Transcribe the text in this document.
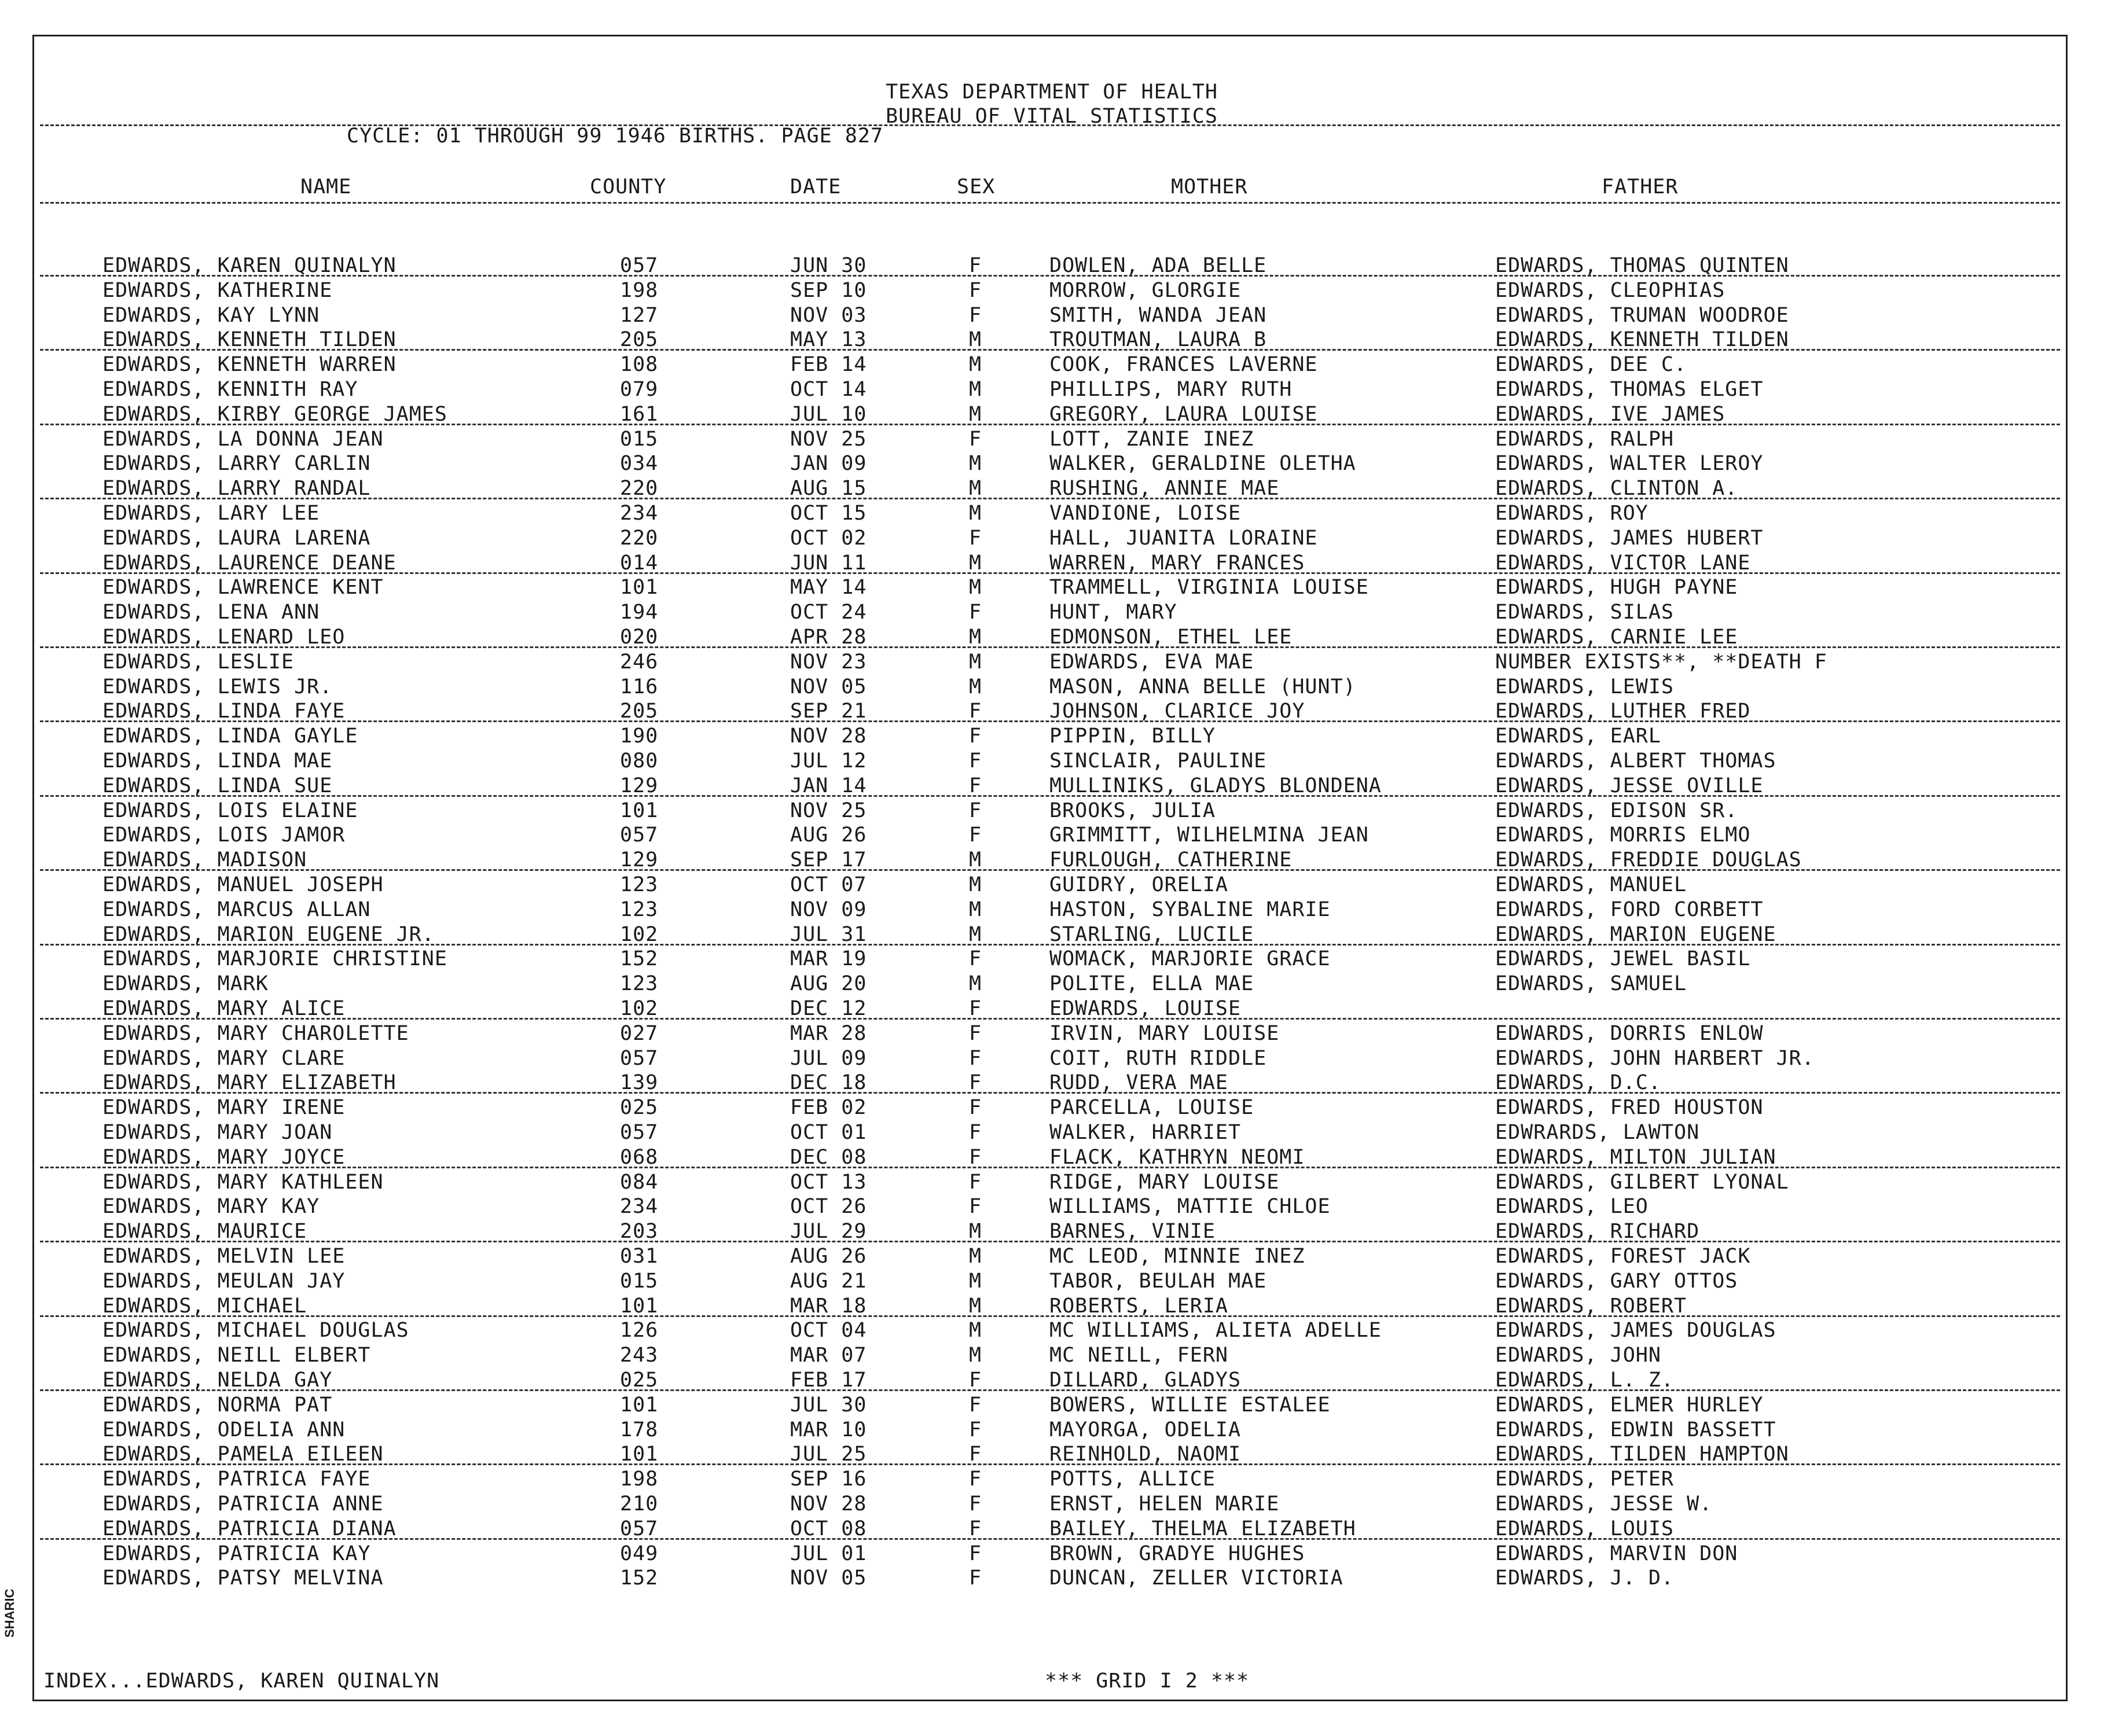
TEXAS DEPARTMENT OF HEALTH
BUREAU OF VITAL STATISTICS
CYCLE: 01 THROUGH 99 1946 BIRTHS. PAGE 827
NAME	COUNTY	DATE	SEX	MOTHER	FATHER
EDWARDS, KAREN QUINALYN	057	JUN 30	F	DOWLEN, ADA BELLE	EDWARDS, THOMAS QUINTEN
EDWARDS, KATHERINE	198	SEP 10	F	MORROW, GLORGIE	EDWARDS, CLEOPHIAS
EDWARDS, KAY LYNN	127	NOV 03	F	SMITH, WANDA JEAN	EDWARDS, TRUMAN WOODROE
EDWARDS, KENNETH TILDEN	205	MAY 13	M	TROUTMAN, LAURA B	EDWARDS, KENNETH TILDEN
EDWARDS, KENNETH WARREN	108	FEB 14	M	COOK, FRANCES LAVERNE	EDWARDS, DEE C.
EDWARDS, KENNITH RAY	079	OCT 14	M	PHILLIPS, MARY RUTH	EDWARDS, THOMAS ELGET
EDWARDS, KIRBY GEORGE JAMES	161	JUL 10	M	GREGORY, LAURA LOUISE	EDWARDS, IVE JAMES
EDWARDS, LA DONNA JEAN	015	NOV 25	F	LOTT, ZANIE INEZ	EDWARDS, RALPH
EDWARDS, LARRY CARLIN	034	JAN 09	M	WALKER, GERALDINE OLETHA	EDWARDS, WALTER LEROY
EDWARDS, LARRY RANDAL	220	AUG 15	M	RUSHING, ANNIE MAE	EDWARDS, CLINTON A.
EDWARDS, LARY LEE	234	OCT 15	M	VANDIONE, LOISE	EDWARDS, ROY
EDWARDS, LAURA LARENA	220	OCT 02	F	HALL, JUANITA LORAINE	EDWARDS, JAMES HUBERT
EDWARDS, LAURENCE DEANE	014	JUN 11	M	WARREN, MARY FRANCES	EDWARDS, VICTOR LANE
EDWARDS, LAWRENCE KENT	101	MAY 14	M	TRAMMELL, VIRGINIA LOUISE	EDWARDS, HUGH PAYNE
EDWARDS, LENA ANN	194	OCT 24	F	HUNT, MARY	EDWARDS, SILAS
EDWARDS, LENARD LEO	020	APR 28	M	EDMONSON, ETHEL LEE	EDWARDS, CARNIE LEE
EDWARDS, LESLIE	246	NOV 23	M	EDWARDS, EVA MAE	NUMBER EXISTS**, **DEATH F
EDWARDS, LEWIS JR.	116	NOV 05	M	MASON, ANNA BELLE (HUNT)	EDWARDS, LEWIS
EDWARDS, LINDA FAYE	205	SEP 21	F	JOHNSON, CLARICE JOY	EDWARDS, LUTHER FRED
EDWARDS, LINDA GAYLE	190	NOV 28	F	PIPPIN, BILLY	EDWARDS, EARL
EDWARDS, LINDA MAE	080	JUL 12	F	SINCLAIR, PAULINE	EDWARDS, ALBERT THOMAS
EDWARDS, LINDA SUE	129	JAN 14	F	MULLINIKS, GLADYS BLONDENA	EDWARDS, JESSE OVILLE
EDWARDS, LOIS ELAINE	101	NOV 25	F	BROOKS, JULIA	EDWARDS, EDISON SR.
EDWARDS, LOIS JAMOR	057	AUG 26	F	GRIMMITT, WILHELMINA JEAN	EDWARDS, MORRIS ELMO
EDWARDS, MADISON	129	SEP 17	M	FURLOUGH, CATHERINE	EDWARDS, FREDDIE DOUGLAS
EDWARDS, MANUEL JOSEPH	123	OCT 07	M	GUIDRY, ORELIA	EDWARDS, MANUEL
EDWARDS, MARCUS ALLAN	123	NOV 09	M	HASTON, SYBALINE MARIE	EDWARDS, FORD CORBETT
EDWARDS, MARION EUGENE JR.	102	JUL 31	M	STARLING, LUCILE	EDWARDS, MARION EUGENE
EDWARDS, MARJORIE CHRISTINE	152	MAR 19	F	WOMACK, MARJORIE GRACE	EDWARDS, JEWEL BASIL
EDWARDS, MARK	123	AUG 20	M	POLITE, ELLA MAE	EDWARDS, SAMUEL
EDWARDS, MARY ALICE	102	DEC 12	F	EDWARDS, LOUISE
EDWARDS, MARY CHAROLETTE	027	MAR 28	F	IRVIN, MARY LOUISE	EDWARDS, DORRIS ENLOW
EDWARDS, MARY CLARE	057	JUL 09	F	COIT, RUTH RIDDLE	EDWARDS, JOHN HARBERT JR.
EDWARDS, MARY ELIZABETH	139	DEC 18	F	RUDD, VERA MAE	EDWARDS, D.C.
EDWARDS, MARY IRENE	025	FEB 02	F	PARCELLA, LOUISE	EDWARDS, FRED HOUSTON
EDWARDS, MARY JOAN	057	OCT 01	F	WALKER, HARRIET	EDWRARDS, LAWTON
EDWARDS, MARY JOYCE	068	DEC 08	F	FLACK, KATHRYN NEOMI	EDWARDS, MILTON JULIAN
EDWARDS, MARY KATHLEEN	084	OCT 13	F	RIDGE, MARY LOUISE	EDWARDS, GILBERT LYONAL
EDWARDS, MARY KAY	234	OCT 26	F	WILLIAMS, MATTIE CHLOE	EDWARDS, LEO
EDWARDS, MAURICE	203	JUL 29	M	BARNES, VINIE	EDWARDS, RICHARD
EDWARDS, MELVIN LEE	031	AUG 26	M	MC LEOD, MINNIE INEZ	EDWARDS, FOREST JACK
EDWARDS, MEULAN JAY	015	AUG 21	M	TABOR, BEULAH MAE	EDWARDS, GARY OTTOS
EDWARDS, MICHAEL	101	MAR 18	M	ROBERTS, LERIA	EDWARDS, ROBERT
EDWARDS, MICHAEL DOUGLAS	126	OCT 04	M	MC WILLIAMS, ALIETA ADELLE	EDWARDS, JAMES DOUGLAS
EDWARDS, NEILL ELBERT	243	MAR 07	M	MC NEILL, FERN	EDWARDS, JOHN
EDWARDS, NELDA GAY	025	FEB 17	F	DILLARD, GLADYS	EDWARDS, L. Z.
EDWARDS, NORMA PAT	101	JUL 30	F	BOWERS, WILLIE ESTALEE	EDWARDS, ELMER HURLEY
EDWARDS, ODELIA ANN	178	MAR 10	F	MAYORGA, ODELIA	EDWARDS, EDWIN BASSETT
EDWARDS, PAMELA EILEEN	101	JUL 25	F	REINHOLD, NAOMI	EDWARDS, TILDEN HAMPTON
EDWARDS, PATRICA FAYE	198	SEP 16	F	POTTS, ALLICE	EDWARDS, PETER
EDWARDS, PATRICIA ANNE	210	NOV 28	F	ERNST, HELEN MARIE	EDWARDS, JESSE W.
EDWARDS, PATRICIA DIANA	057	OCT 08	F	BAILEY, THELMA ELIZABETH	EDWARDS, LOUIS
EDWARDS, PATRICIA KAY	049	JUL 01	F	BROWN, GRADYE HUGHES	EDWARDS, MARVIN DON
EDWARDS, PATSY MELVINA	152	NOV 05	F	DUNCAN, ZELLER VICTORIA	EDWARDS, J. D.
INDEX...EDWARDS, KAREN QUINALYN	*** GRID I 2 ***
SHARIC
